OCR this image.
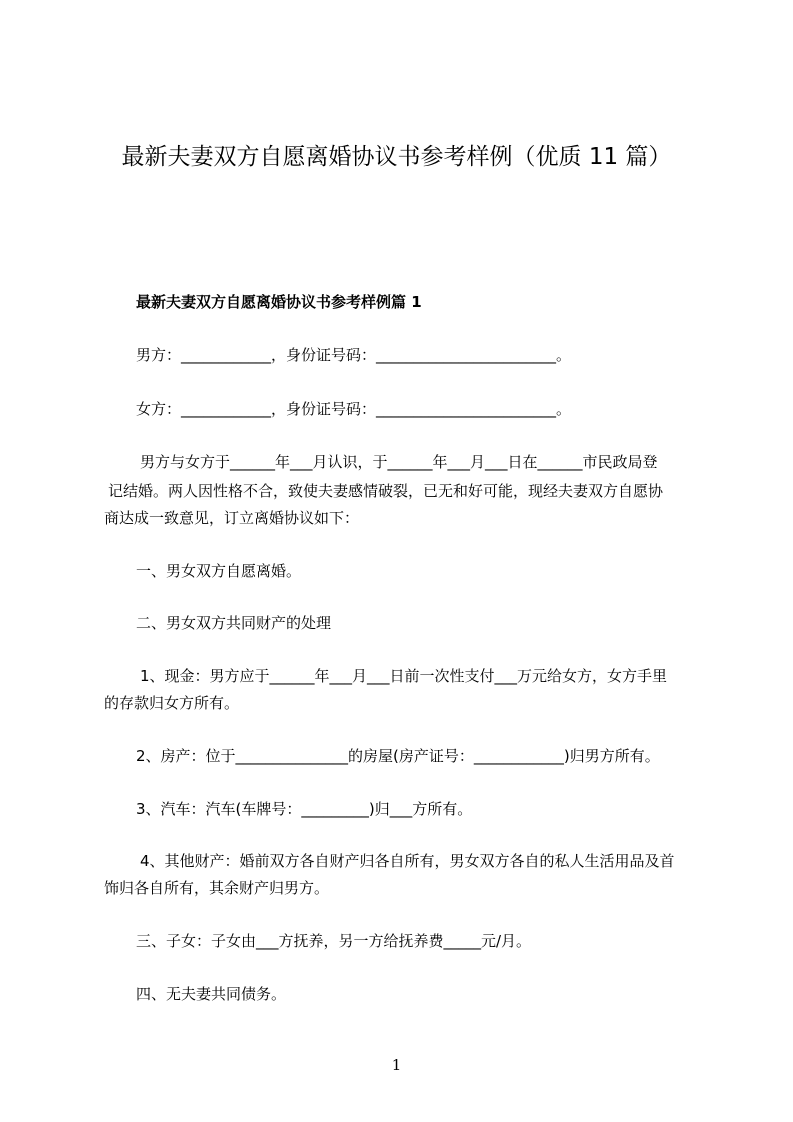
最新夫妻双方自愿离婚协议书参考样例（优质 11 篇）
最新夫妻双方自愿离婚协议书参考样例篇 1
男方：____________，身份证号码：________________________。
女方：____________，身份证号码：________________________。
男方与女方于______年___月认识，于______年___月___日在______市民政局登
记结婚。两人因性格不合，致使夫妻感情破裂，已无和好可能，现经夫妻双方自愿协
商达成一致意见，订立离婚协议如下：
一、男女双方自愿离婚。
二、男女双方共同财产的处理
1、现金：男方应于______年___月___日前一次性支付___万元给女方，女方手里
的存款归女方所有。
2、房产：位于_______________的房屋(房产证号：____________)归男方所有。
3、汽车：汽车(车牌号：_________)归___方所有。
4、其他财产：婚前双方各自财产归各自所有，男女双方各自的私人生活用品及首
饰归各自所有，其余财产归男方。
三、子女：子女由___方抚养，另一方给抚养费_____元/月。
四、无夫妻共同债务。
1
